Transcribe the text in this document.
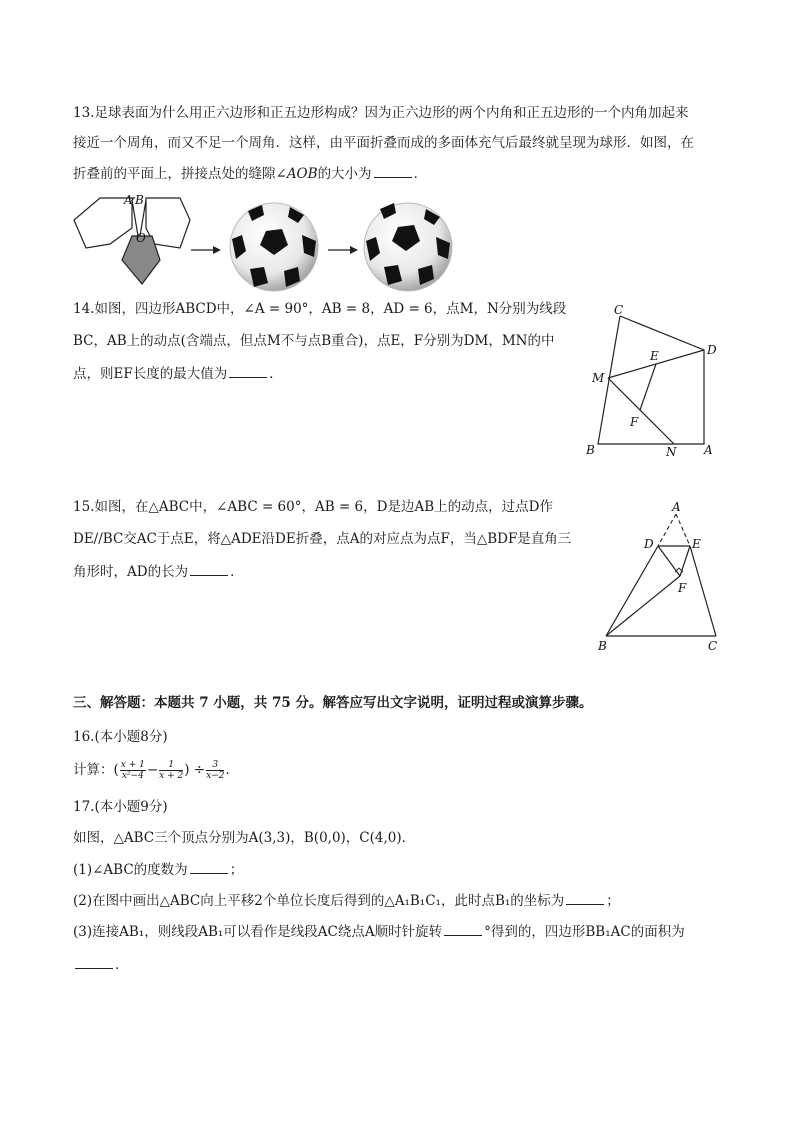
13.足球表面为什么用正六边形和正五边形构成？因为正六边形的两个内角和正五边形的一个内角加起来
接近一个周角，而又不足一个周角．这样，由平面折叠而成的多面体充气后最终就呈现为球形．如图，在
折叠前的平面上，拼接点处的缝隙∠AOB的大小为	．
A B
O
14.如图，四边形ABCD中，∠A = 90°，AB = 8，AD = 6，点M，N分别为线段
BC，AB上的动点(含端点，但点M不与点B重合)，点E，F分别为DM，MN的中
点，则EF长度的最大值为	．
C
D
E
M
F
B	N A
15.如图，在△ABC中，∠ABC = 60°，AB = 6，D是边AB上的动点，过点D作
DE//BC交AC于点E，将△ADE沿DE折叠，点A的对应点为点F，当△BDF是直角三
角形时，AD的长为	．
A
D	E
F
B	C
三、解答题：本题共 7 小题，共 75 分。解答应写出文字说明，证明过程或演算步骤。
16.(本小题8分)
计算：( $\frac{x + 1}{\text{x²−4}} - \frac{1}{x + 2}$ ) ÷ $\frac{3}{x-2}$ ．
17.(本小题9分)
如图，△ABC三个顶点分别为A(3,3)，B(0,0)，C(4,0)．
(1)∠ABC的度数为	；
(2)在图中画出△ABC向上平移2个单位长度后得到的△A₁B₁C₁，此时点B₁的坐标为	；
(3)连接AB₁，则线段AB₁可以看作是线段AC绕点A顺时针旋转	°得到的，四边形BB₁AC的面积为
．
